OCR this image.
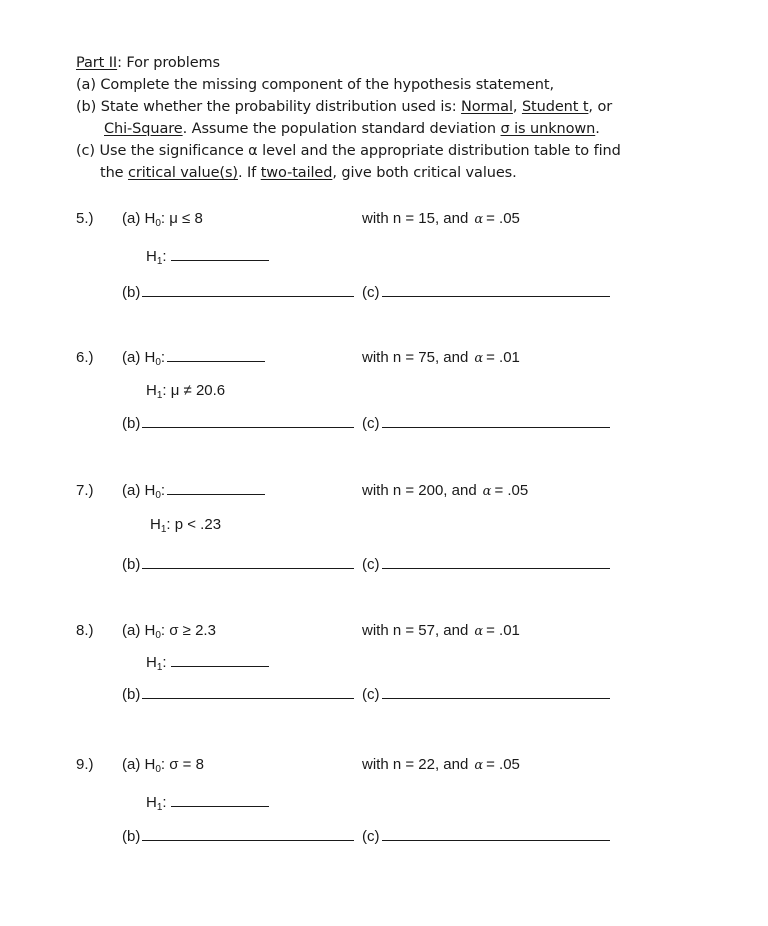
Part II: For problems
(a) Complete the missing component of the hypothesis statement,
(b) State whether the probability distribution used is: Normal, Student t, or
Chi-Square. Assume the population standard deviation σ is unknown.
(c) Use the significance α level and the appropriate distribution table to find
the critical value(s). If two-tailed, give both critical values.
5.) (a) $H_0$: μ ≤ 8	with n = 15, and α = .05
$H_1$:
(b)	(c)
6.) (a) $H_0$:	with n = 75, and α = .01
$H_1$: μ ≠ 20.6
(b)	(c)
7.) (a) $H_0$:	with n = 200, and α = .05
$H_1$: p < .23
(b)	(c)
8.) (a) $H_0$: σ ≥ 2.3	with n = 57, and α = .01
$H_1$:
(b)	(c)
9.) (a) $H_0$: σ = 8	with n = 22, and α = .05
$H_1$:
(b)	(c)
